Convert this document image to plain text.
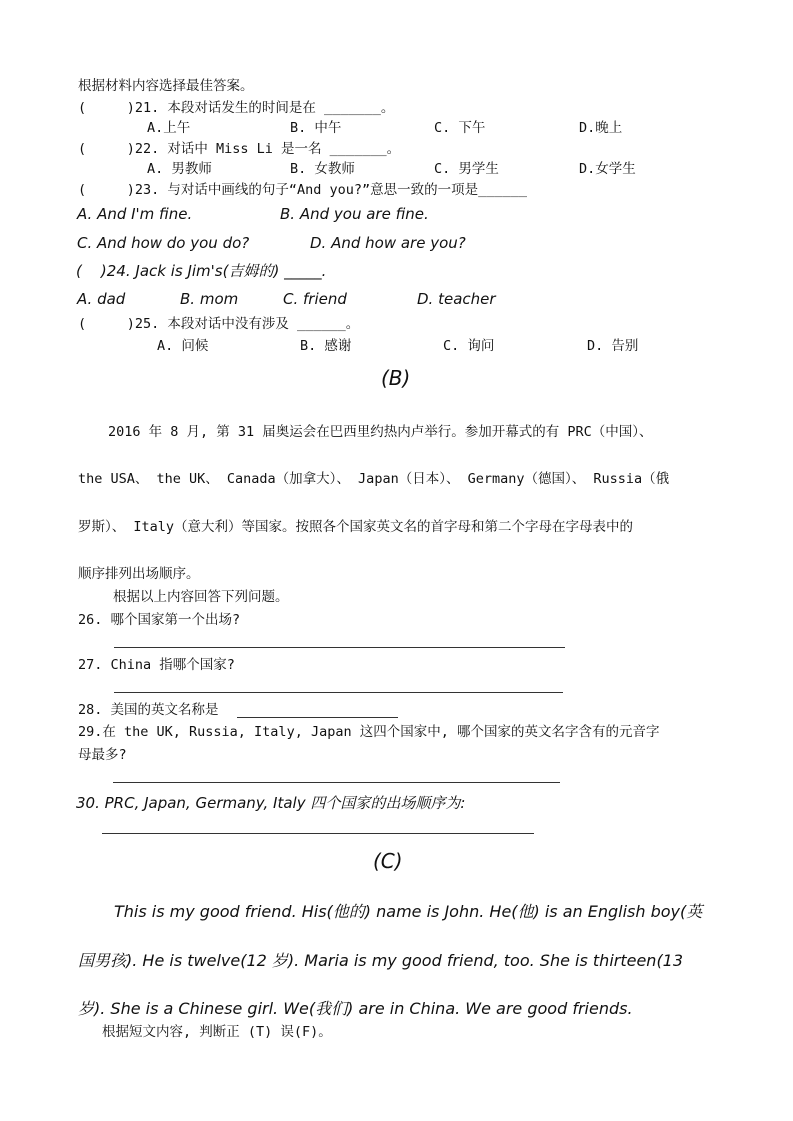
根据材料内容选择最佳答案。
(     )21. 本段对话发生的时间是在 _______。
A.上午	B. 中午	C. 下午	D.晚上
(     )22. 对话中 Miss Li 是一名 _______。
A. 男教师	B. 女教师	C. 男学生	D.女学生
(     )23. 与对话中画线的句子“And you?”意思一致的一项是______
A. And I'm fine.	B. And you are fine.
C. And how do you do?	D. And how are you?
(    )24. Jack is Jim's(吉姆的) _____.
A. dad	B. mom	C. friend	D. teacher
(     )25. 本段对话中没有涉及 ______。
A. 问候	B. 感谢	C. 询问	D. 告别
(B)
2016 年 8 月, 第 31 届奥运会在巴西里约热内卢举行。参加开幕式的有 PRC（中国）、
the USA、 the UK、 Canada（加拿大）、 Japan（日本）、 Germany（德国）、 Russia（俄
罗斯）、 Italy（意大利）等国家。按照各个国家英文名的首字母和第二个字母在字母表中的
顺序排列出场顺序。
根据以上内容回答下列问题。
26. 哪个国家第一个出场?
27. China 指哪个国家?
28. 美国的英文名称是
29.在 the UK, Russia, Italy, Japan 这四个国家中, 哪个国家的英文名字含有的元音字
母最多?
30. PRC, Japan, Germany, Italy 四个国家的出场顺序为:
(C)
This is my good friend. His(他的) name is John. He(他) is an English boy(英
国男孩). He is twelve(12 岁). Maria is my good friend, too. She is thirteen(13
岁). She is a Chinese girl. We(我们) are in China. We are good friends.
根据短文内容, 判断正 (T) 误(F)。
